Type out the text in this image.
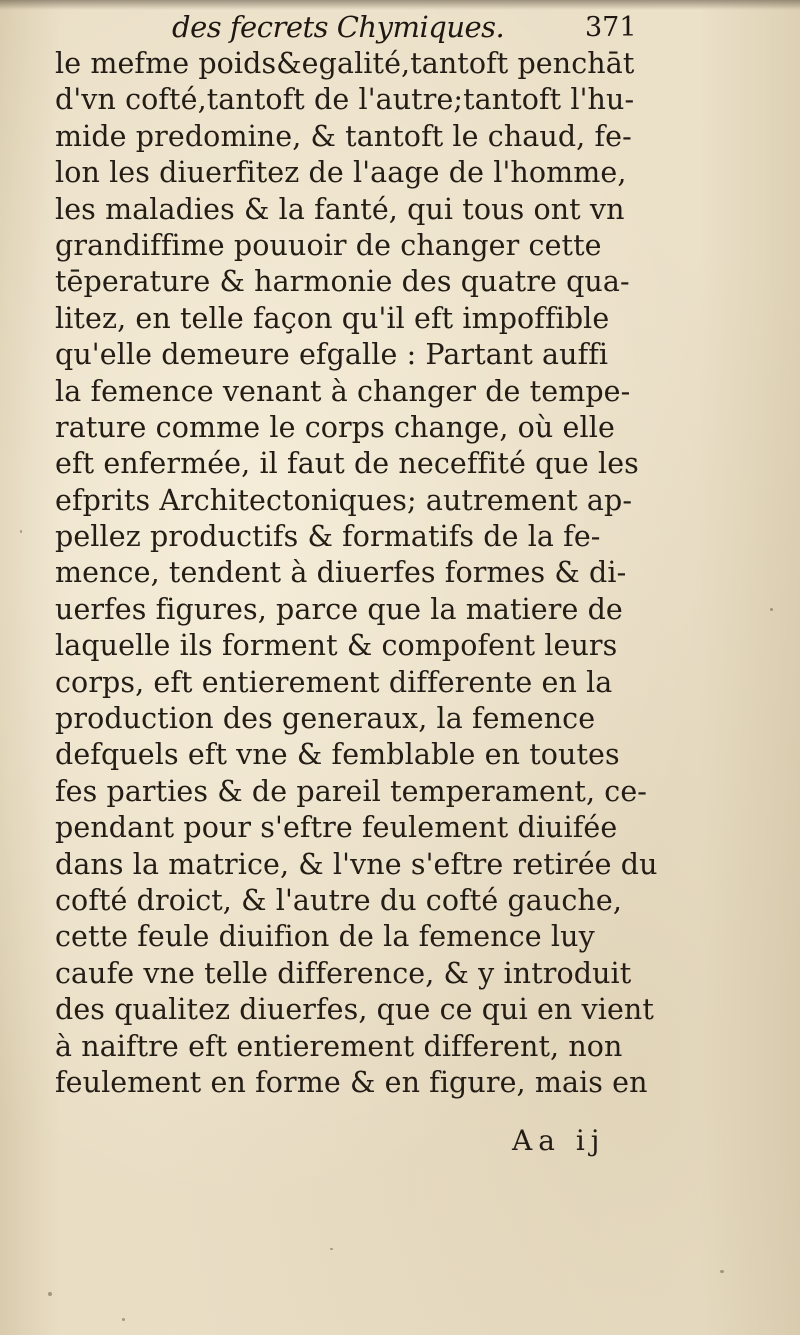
des fecrets Chymiques.	371
le mefme poids&egalité,tantoft penchāt
d'vn cofté,tantoft de l'autre;tantoft l'hu-
mide predomine, & tantoft le chaud, fe-
lon les diuerfitez de l'aage de l'homme,
les maladies & la fanté, qui tous ont vn
grandiffime pouuoir de changer cette
tēperature & harmonie des quatre qua-
litez, en telle façon qu'il eft impoffible
qu'elle demeure efgalle : Partant auffi
la femence venant à changer de tempe-
rature comme le corps change, où elle
eft enfermée, il faut de neceffité que les
efprits Architectoniques; autrement ap-
pellez productifs & formatifs de la fe-
mence, tendent à diuerfes formes & di-
uerfes figures, parce que la matiere de
laquelle ils forment & compofent leurs
corps, eft entierement differente en la
production des generaux, la femence
defquels eft vne & femblable en toutes
fes parties & de pareil temperament, ce-
pendant pour s'eftre feulement diuifée
dans la matrice, & l'vne s'eftre retirée du
cofté droict, & l'autre du cofté gauche,
cette feule diuifion de la femence luy
caufe vne telle difference, & y introduit
des qualitez diuerfes, que ce qui en vient
à naiftre eft entierement different, non
feulement en forme & en figure, mais en
Aa ij
